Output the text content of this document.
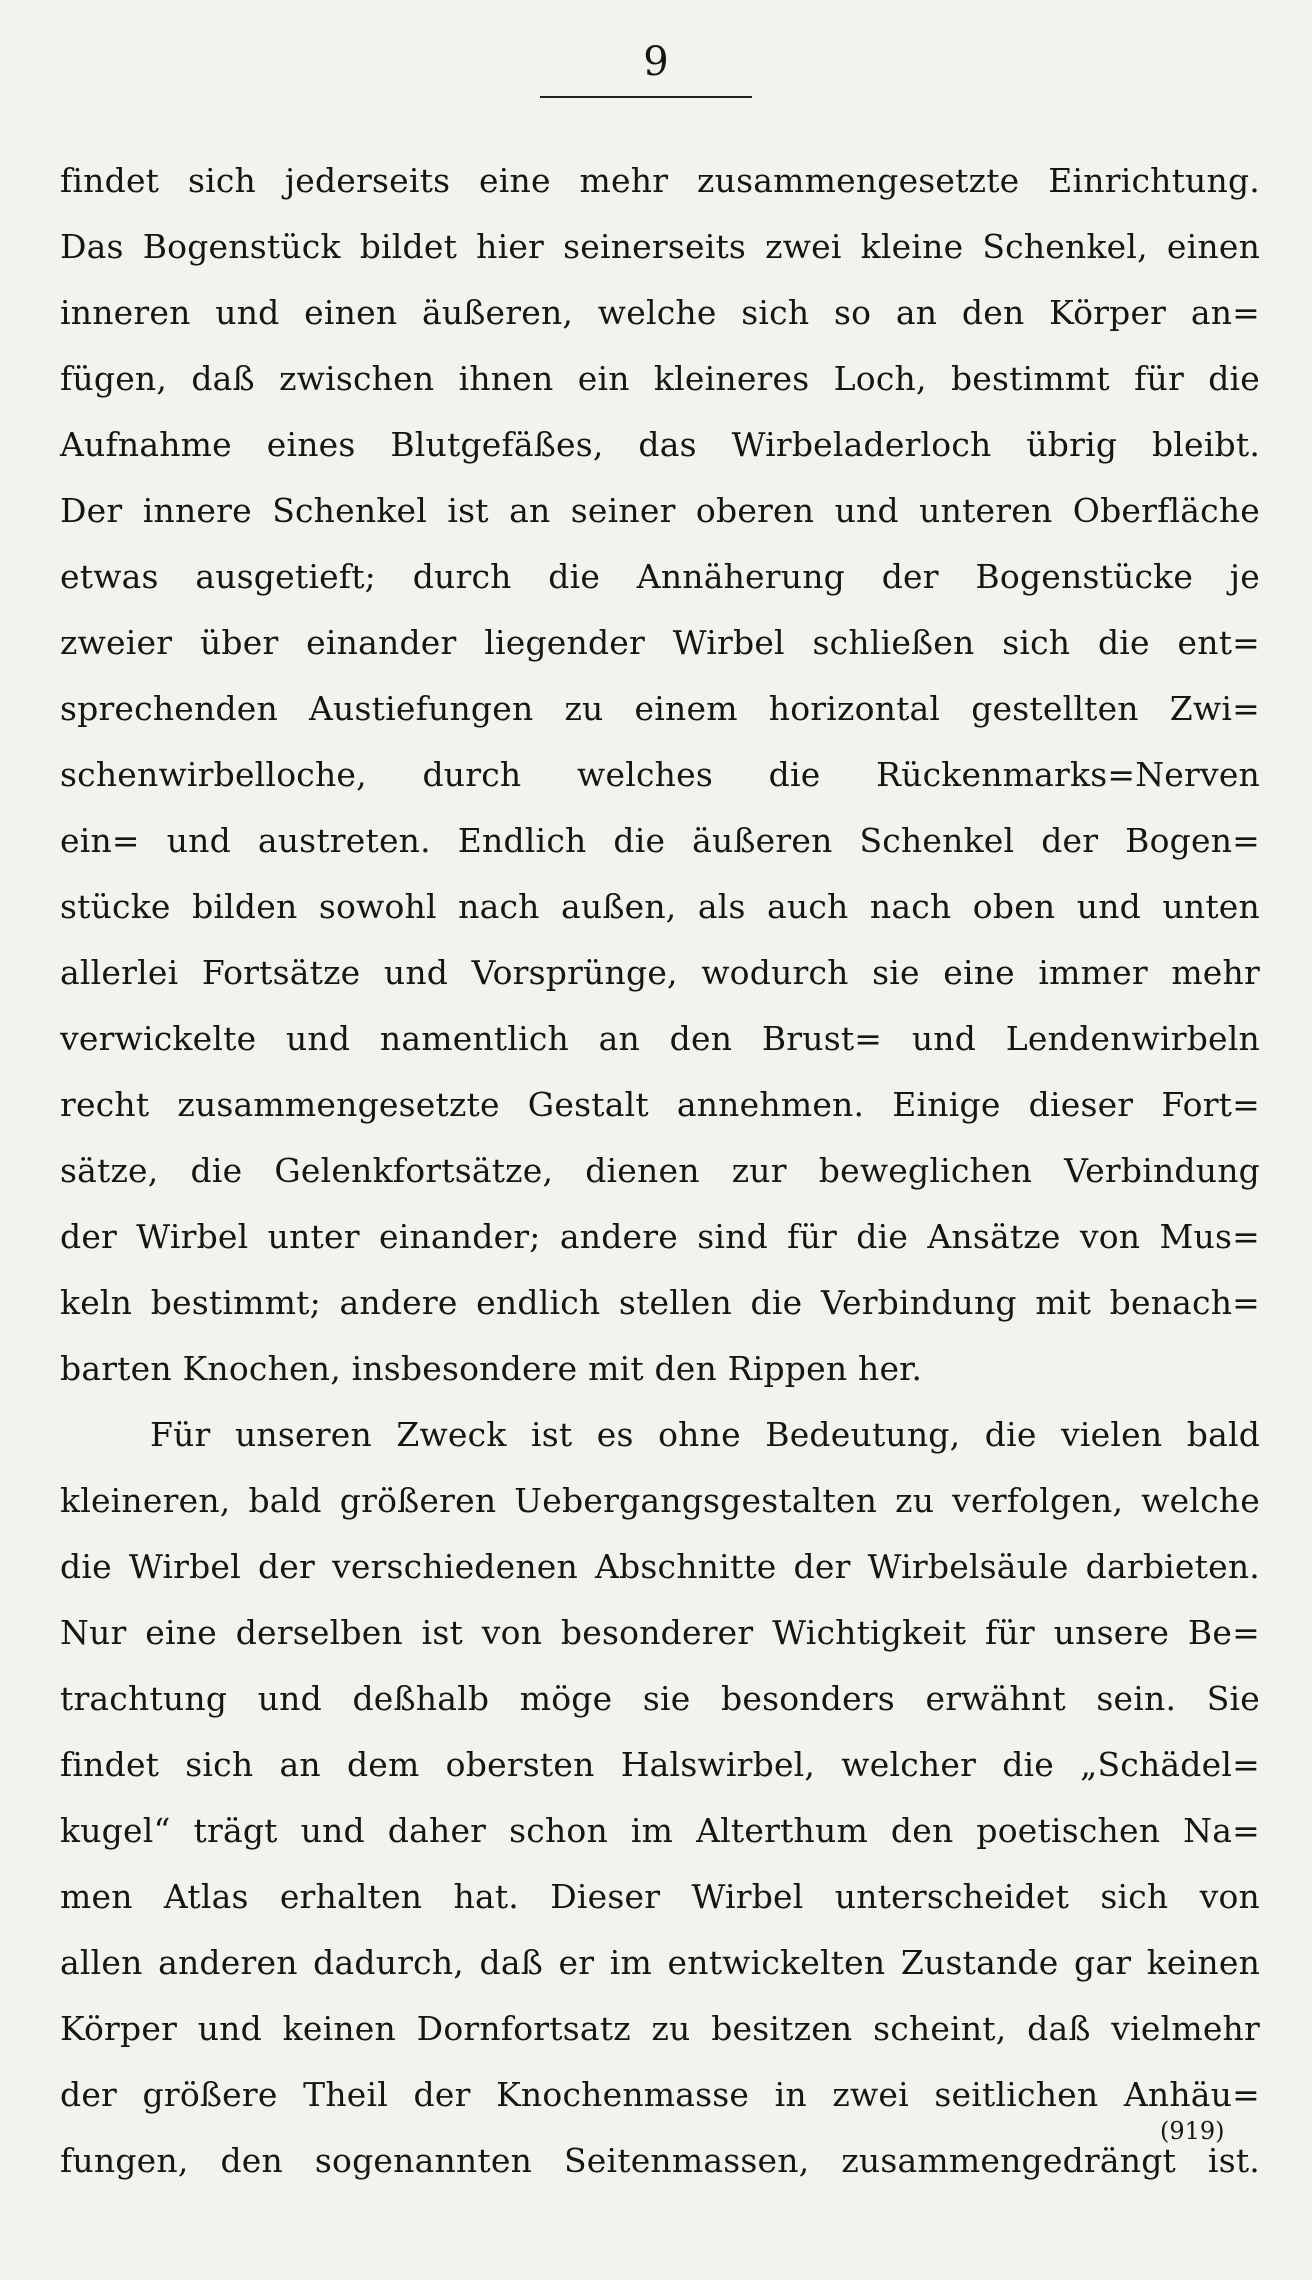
9
findet sich jederseits eine mehr zusammengesetzte Einrichtung.
Das Bogenstück bildet hier seinerseits zwei kleine Schenkel, einen
inneren und einen äußeren, welche sich so an den Körper an=
fügen, daß zwischen ihnen ein kleineres Loch, bestimmt für die
Aufnahme eines Blutgefäßes, das Wirbeladerloch übrig bleibt.
Der innere Schenkel ist an seiner oberen und unteren Oberfläche
etwas ausgetieft; durch die Annäherung der Bogenstücke je
zweier über einander liegender Wirbel schließen sich die ent=
sprechenden Austiefungen zu einem horizontal gestellten Zwi=
schenwirbelloche, durch welches die Rückenmarks=Nerven
ein= und austreten. Endlich die äußeren Schenkel der Bogen=
stücke bilden sowohl nach außen, als auch nach oben und unten
allerlei Fortsätze und Vorsprünge, wodurch sie eine immer mehr
verwickelte und namentlich an den Brust= und Lendenwirbeln
recht zusammengesetzte Gestalt annehmen. Einige dieser Fort=
sätze, die Gelenkfortsätze, dienen zur beweglichen Verbindung
der Wirbel unter einander; andere sind für die Ansätze von Mus=
keln bestimmt; andere endlich stellen die Verbindung mit benach=
barten Knochen, insbesondere mit den Rippen her.
Für unseren Zweck ist es ohne Bedeutung, die vielen bald
kleineren, bald größeren Uebergangsgestalten zu verfolgen, welche
die Wirbel der verschiedenen Abschnitte der Wirbelsäule darbieten.
Nur eine derselben ist von besonderer Wichtigkeit für unsere Be=
trachtung und deßhalb möge sie besonders erwähnt sein. Sie
findet sich an dem obersten Halswirbel, welcher die „Schädel=
kugel“ trägt und daher schon im Alterthum den poetischen Na=
men Atlas erhalten hat. Dieser Wirbel unterscheidet sich von
allen anderen dadurch, daß er im entwickelten Zustande gar keinen
Körper und keinen Dornfortsatz zu besitzen scheint, daß vielmehr
der größere Theil der Knochenmasse in zwei seitlichen Anhäu=
fungen, den sogenannten Seitenmassen, zusammengedrängt ist.
(919)
